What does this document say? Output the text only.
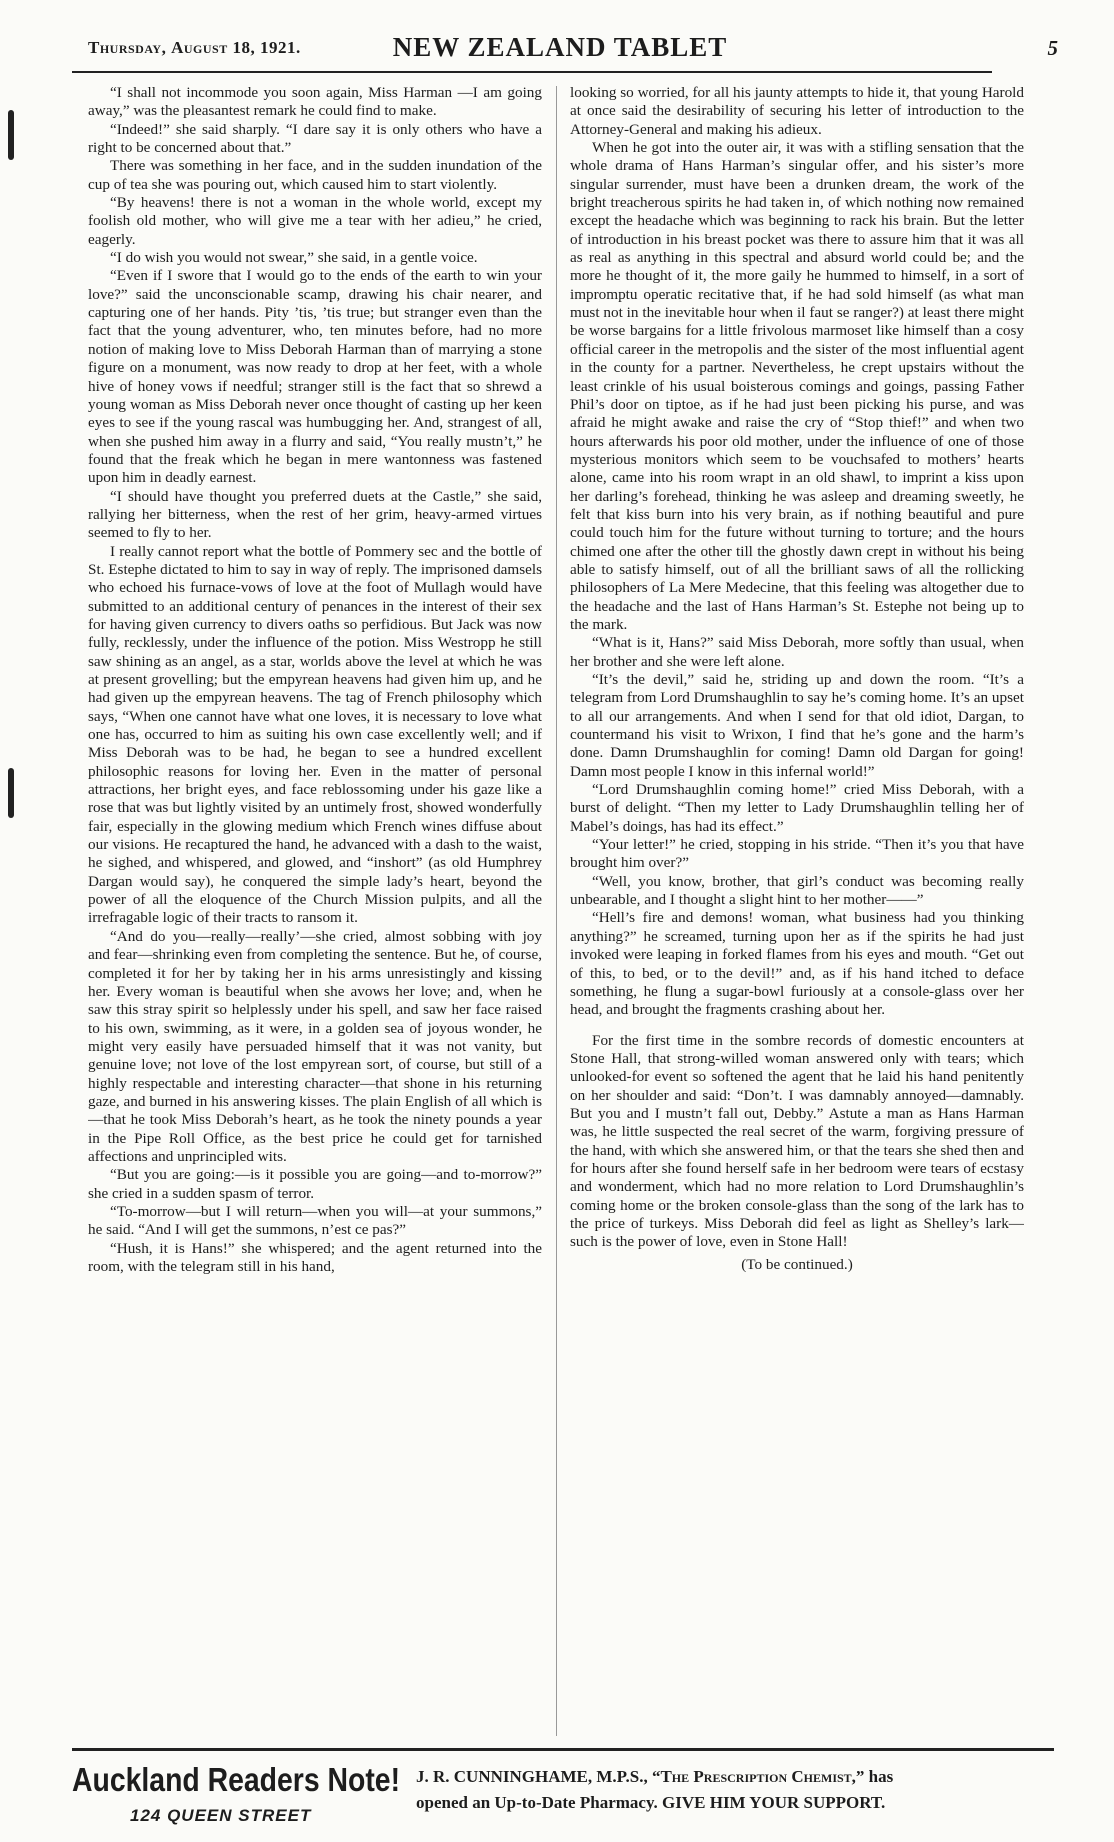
Thursday, August 18, 1921.	NEW ZEALAND TABLET	5

“I shall not incommode you soon again, Miss Harman —I am going away,” was the pleasantest remark he could find to make.

“Indeed!” she said sharply. “I dare say it is only others who have a right to be concerned about that.”

There was something in her face, and in the sudden inundation of the cup of tea she was pouring out, which caused him to start violently.

“By heavens! there is not a woman in the whole world, except my foolish old mother, who will give me a tear with her adieu,” he cried, eagerly.

“I do wish you would not swear,” she said, in a gentle voice.

“Even if I swore that I would go to the ends of the earth to win your love?” said the unconscionable scamp, drawing his chair nearer, and capturing one of her hands. Pity ’tis, ’tis true; but stranger even than the fact that the young adventurer, who, ten minutes before, had no more notion of making love to Miss Deborah Harman than of marrying a stone figure on a monument, was now ready to drop at her feet, with a whole hive of honey vows if needful; stranger still is the fact that so shrewd a young woman as Miss Deborah never once thought of casting up her keen eyes to see if the young rascal was humbugging her. And, strangest of all, when she pushed him away in a flurry and said, “You really mustn’t,” he found that the freak which he began in mere wantonness was fastened upon him in deadly earnest.

“I should have thought you preferred duets at the Castle,” she said, rallying her bitterness, when the rest of her grim, heavy-armed virtues seemed to fly to her.

I really cannot report what the bottle of Pommery sec and the bottle of St. Estephe dictated to him to say in way of reply. The imprisoned damsels who echoed his furnace-vows of love at the foot of Mullagh would have submitted to an additional century of penances in the interest of their sex for having given currency to divers oaths so perfidious. But Jack was now fully, recklessly, under the influence of the potion. Miss Westropp he still saw shining as an angel, as a star, worlds above the level at which he was at present grovelling; but the empyrean heavens had given him up, and he had given up the empyrean heavens. The tag of French philosophy which says, “When one cannot have what one loves, it is necessary to love what one has, occurred to him as suiting his own case excellently well; and if Miss Deborah was to be had, he began to see a hundred excellent philosophic reasons for loving her. Even in the matter of personal attractions, her bright eyes, and face reblossoming under his gaze like a rose that was but lightly visited by an untimely frost, showed wonderfully fair, especially in the glowing medium which French wines diffuse about our visions. He recaptured the hand, he advanced with a dash to the waist, he sighed, and whispered, and glowed, and “inshort” (as old Humphrey Dargan would say), he conquered the simple lady’s heart, beyond the power of all the eloquence of the Church Mission pulpits, and all the irrefragable logic of their tracts to ransom it.

“And do you—really—really’—she cried, almost sobbing with joy and fear—shrinking even from completing the sentence. But he, of course, completed it for her by taking her in his arms unresistingly and kissing her. Every woman is beautiful when she avows her love; and, when he saw this stray spirit so helplessly under his spell, and saw her face raised to his own, swimming, as it were, in a golden sea of joyous wonder, he might very easily have persuaded himself that it was not vanity, but genuine love; not love of the lost empyrean sort, of course, but still of a highly respectable and interesting character—that shone in his returning gaze, and burned in his answering kisses. The plain English of all which is—that he took Miss Deborah’s heart, as he took the ninety pounds a year in the Pipe Roll Office, as the best price he could get for tarnished affections and unprincipled wits.

“But you are going:—is it possible you are going—and to-morrow?” she cried in a sudden spasm of terror.

“To-morrow—but I will return—when you will—at your summons,” he said. “And I will get the summons, n’est ce pas?”

“Hush, it is Hans!” she whispered; and the agent returned into the room, with the telegram still in his hand,

looking so worried, for all his jaunty attempts to hide it, that young Harold at once said the desirability of securing his letter of introduction to the Attorney-General and making his adieux.

When he got into the outer air, it was with a stifling sensation that the whole drama of Hans Harman’s singular offer, and his sister’s more singular surrender, must have been a drunken dream, the work of the bright treacherous spirits he had taken in, of which nothing now remained except the headache which was beginning to rack his brain. But the letter of introduction in his breast pocket was there to assure him that it was all as real as anything in this spectral and absurd world could be; and the more he thought of it, the more gaily he hummed to himself, in a sort of impromptu operatic recitative that, if he had sold himself (as what man must not in the inevitable hour when il faut se ranger?) at least there might be worse bargains for a little frivolous marmoset like himself than a cosy official career in the metropolis and the sister of the most influential agent in the county for a partner. Nevertheless, he crept upstairs without the least crinkle of his usual boisterous comings and goings, passing Father Phil’s door on tiptoe, as if he had just been picking his purse, and was afraid he might awake and raise the cry of “Stop thief!” and when two hours afterwards his poor old mother, under the influence of one of those mysterious monitors which seem to be vouchsafed to mothers’ hearts alone, came into his room wrapt in an old shawl, to imprint a kiss upon her darling’s forehead, thinking he was asleep and dreaming sweetly, he felt that kiss burn into his very brain, as if nothing beautiful and pure could touch him for the future without turning to torture; and the hours chimed one after the other till the ghostly dawn crept in without his being able to satisfy himself, out of all the brilliant saws of all the rollicking philosophers of La Mere Medecine, that this feeling was altogether due to the headache and the last of Hans Harman’s St. Estephe not being up to the mark.

“What is it, Hans?” said Miss Deborah, more softly than usual, when her brother and she were left alone.

“It’s the devil,” said he, striding up and down the room. “It’s a telegram from Lord Drumshaughlin to say he’s coming home. It’s an upset to all our arrangements. And when I send for that old idiot, Dargan, to countermand his visit to Wrixon, I find that he’s gone and the harm’s done. Damn Drumshaughlin for coming! Damn old Dargan for going! Damn most people I know in this infernal world!”

“Lord Drumshaughlin coming home!” cried Miss Deborah, with a burst of delight. “Then my letter to Lady Drumshaughlin telling her of Mabel’s doings, has had its effect.”

“Your letter!” he cried, stopping in his stride. “Then it’s you that have brought him over?”

“Well, you know, brother, that girl’s conduct was becoming really unbearable, and I thought a slight hint to her mother——”

“Hell’s fire and demons! woman, what business had you thinking anything?” he screamed, turning upon her as if the spirits he had just invoked were leaping in forked flames from his eyes and mouth. “Get out of this, to bed, or to the devil!” and, as if his hand itched to deface something, he flung a sugar-bowl furiously at a console-glass over her head, and brought the fragments crashing about her.

For the first time in the sombre records of domestic encounters at Stone Hall, that strong-willed woman answered only with tears; which unlooked-for event so softened the agent that he laid his hand penitently on her shoulder and said: “Don’t. I was damnably annoyed—damnably. But you and I mustn’t fall out, Debby.” Astute a man as Hans Harman was, he little suspected the real secret of the warm, forgiving pressure of the hand, with which she answered him, or that the tears she shed then and for hours after she found herself safe in her bedroom were tears of ecstasy and wonderment, which had no more relation to Lord Drumshaughlin’s coming home or the broken console-glass than the song of the lark has to the price of turkeys. Miss Deborah did feel as light as Shelley’s lark—such is the power of love, even in Stone Hall!

(To be continued.)

Auckland Readers Note!
124 QUEEN STREET
J. R. CUNNINGHAME, M.P.S., “The Prescription Chemist,” has
opened an Up-to-Date Pharmacy. GIVE HIM YOUR SUPPORT.
